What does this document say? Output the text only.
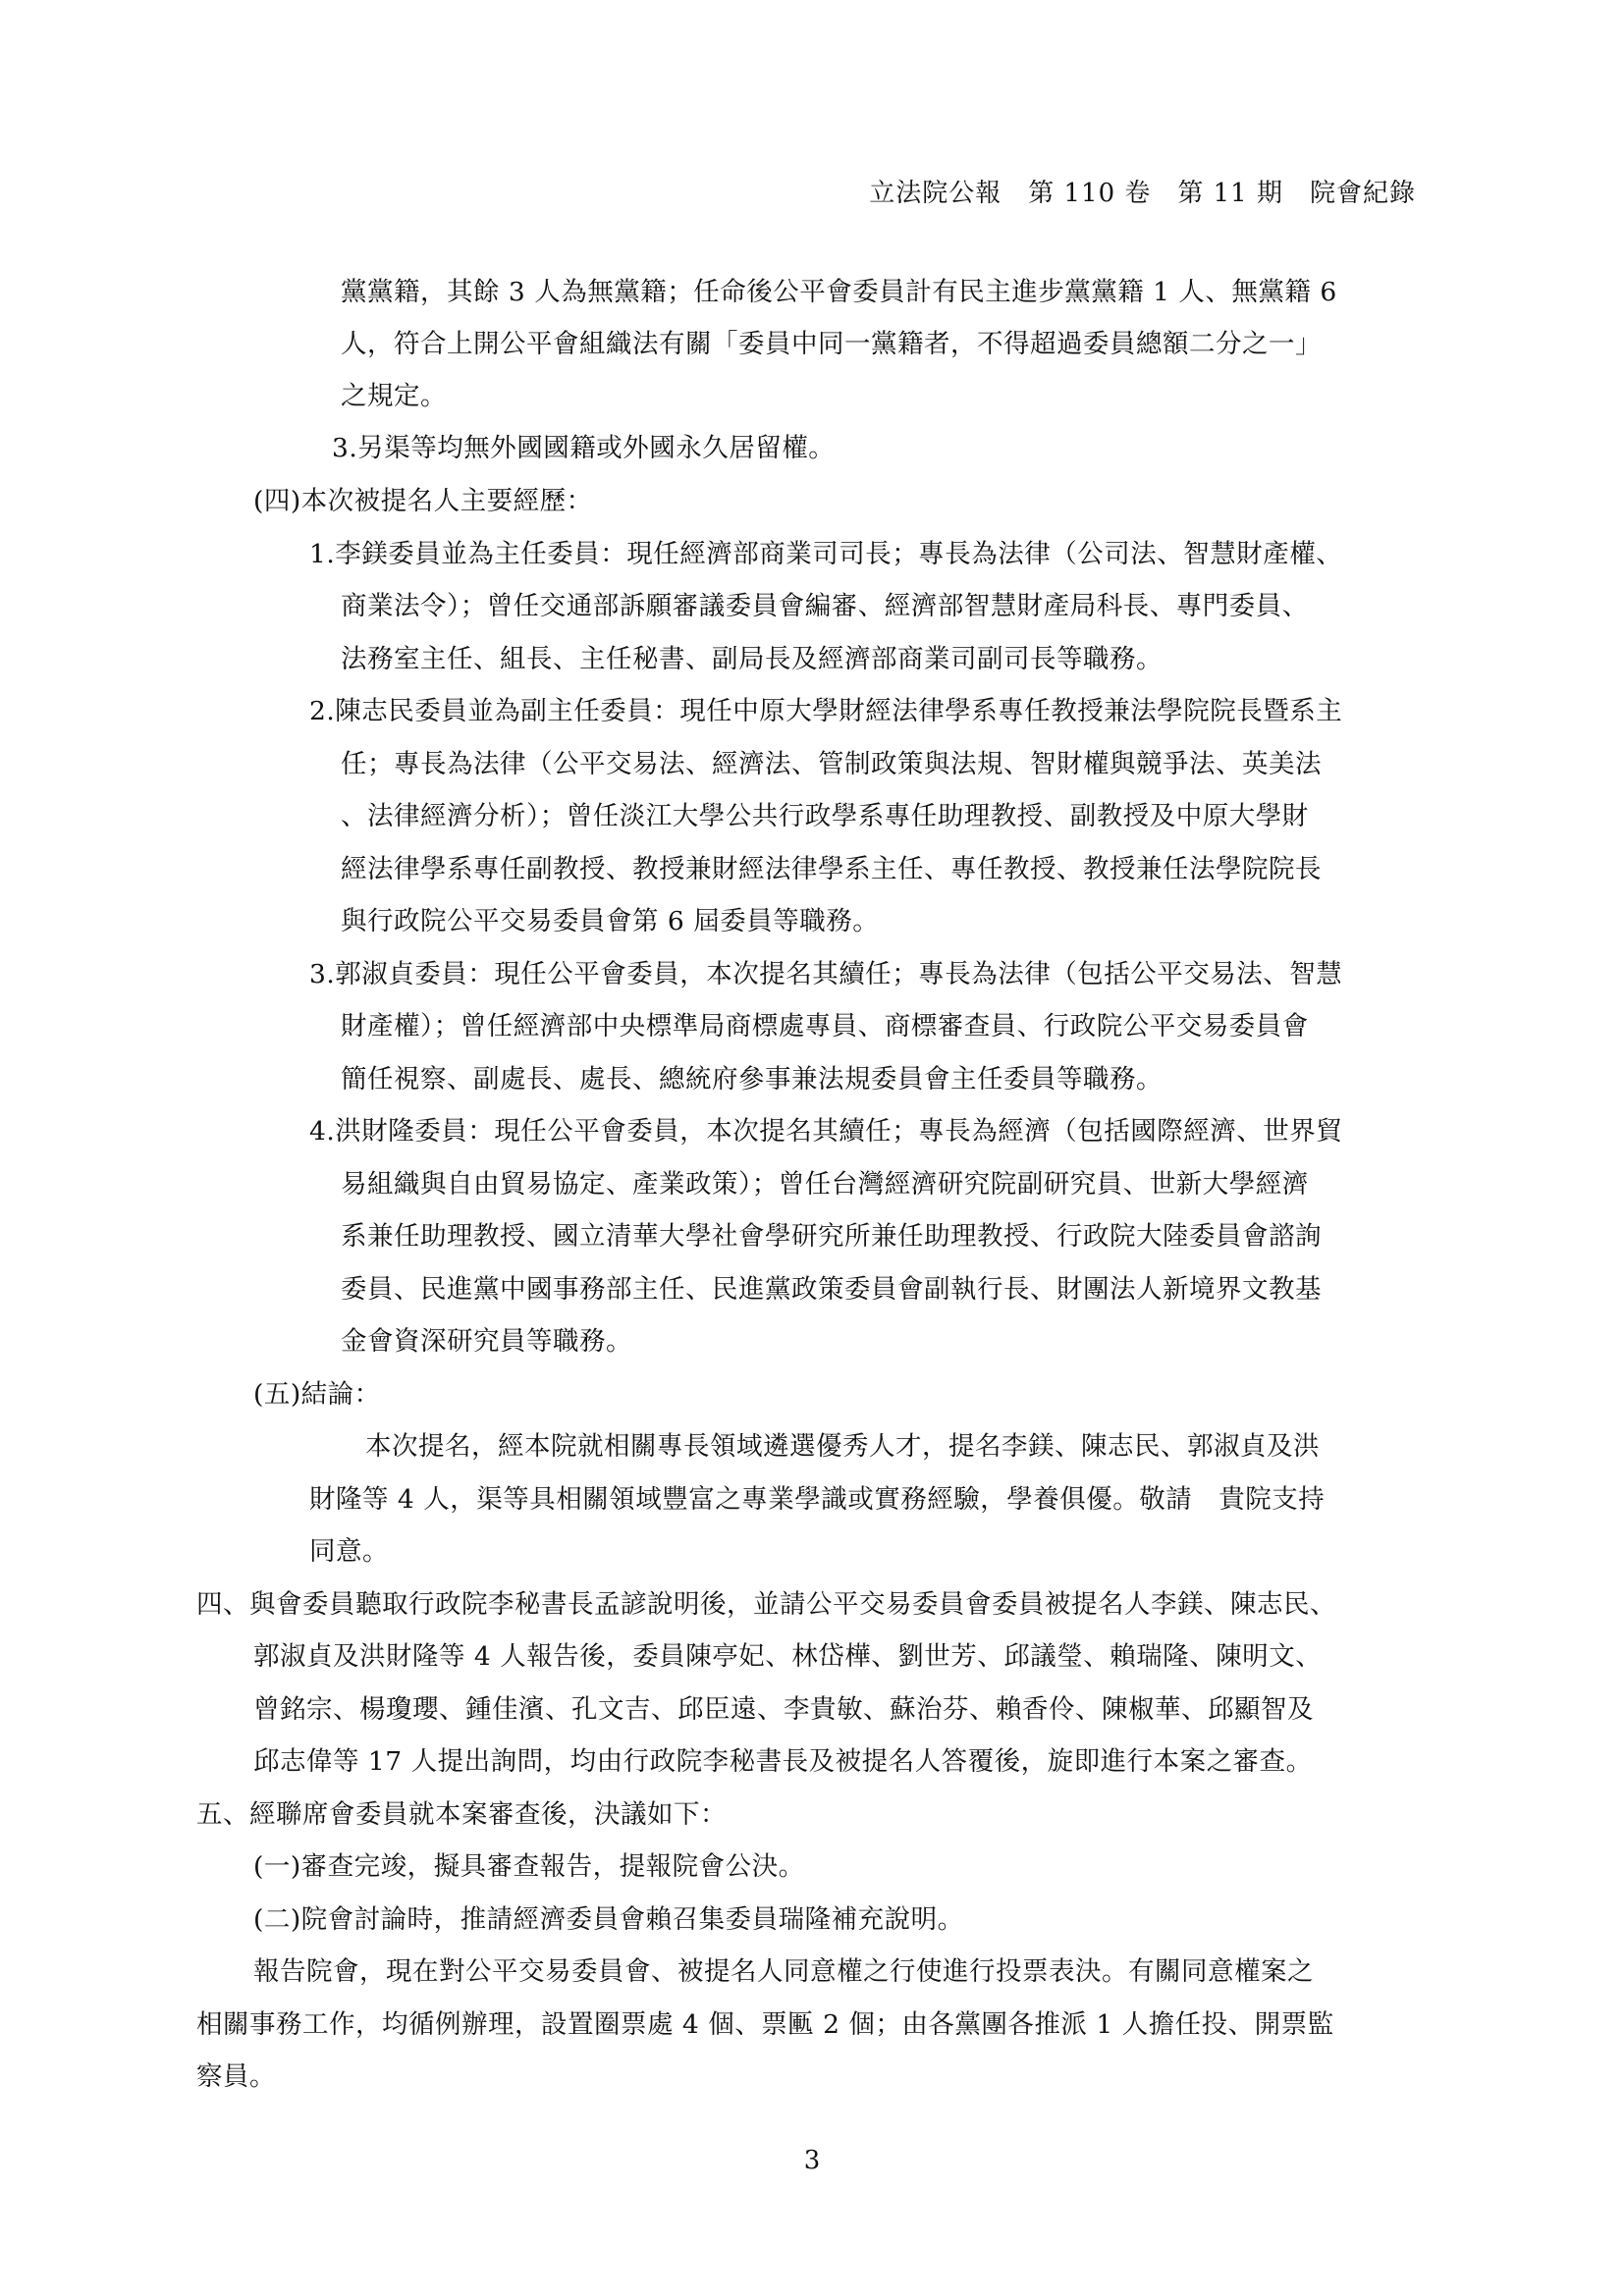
立法院公報　第 110 卷　第 11 期　院會紀錄
黨黨籍，其餘 3 人為無黨籍；任命後公平會委員計有民主進步黨黨籍 1 人、無黨籍 6
人，符合上開公平會組織法有關「委員中同一黨籍者，不得超過委員總額二分之一」
之規定。
3.另渠等均無外國國籍或外國永久居留權。
(四)本次被提名人主要經歷：
1.李鎂委員並為主任委員：現任經濟部商業司司長；專長為法律（公司法、智慧財產權、
商業法令）；曾任交通部訴願審議委員會編審、經濟部智慧財產局科長、專門委員、
法務室主任、組長、主任秘書、副局長及經濟部商業司副司長等職務。
2.陳志民委員並為副主任委員：現任中原大學財經法律學系專任教授兼法學院院長暨系主
任；專長為法律（公平交易法、經濟法、管制政策與法規、智財權與競爭法、英美法
、法律經濟分析）；曾任淡江大學公共行政學系專任助理教授、副教授及中原大學財
經法律學系專任副教授、教授兼財經法律學系主任、專任教授、教授兼任法學院院長
與行政院公平交易委員會第 6 屆委員等職務。
3.郭淑貞委員：現任公平會委員，本次提名其續任；專長為法律（包括公平交易法、智慧
財產權）；曾任經濟部中央標準局商標處專員、商標審查員、行政院公平交易委員會
簡任視察、副處長、處長、總統府參事兼法規委員會主任委員等職務。
4.洪財隆委員：現任公平會委員，本次提名其續任；專長為經濟（包括國際經濟、世界貿
易組織與自由貿易協定、產業政策）；曾任台灣經濟研究院副研究員、世新大學經濟
系兼任助理教授、國立清華大學社會學研究所兼任助理教授、行政院大陸委員會諮詢
委員、民進黨中國事務部主任、民進黨政策委員會副執行長、財團法人新境界文教基
金會資深研究員等職務。
(五)結論：
本次提名，經本院就相關專長領域遴選優秀人才，提名李鎂、陳志民、郭淑貞及洪
財隆等 4 人，渠等具相關領域豐富之專業學識或實務經驗，學養俱優。敬請　貴院支持
同意。
四、與會委員聽取行政院李秘書長孟諺說明後，並請公平交易委員會委員被提名人李鎂、陳志民、
郭淑貞及洪財隆等 4 人報告後，委員陳亭妃、林岱樺、劉世芳、邱議瑩、賴瑞隆、陳明文、
曾銘宗、楊瓊瓔、鍾佳濱、孔文吉、邱臣遠、李貴敏、蘇治芬、賴香伶、陳椒華、邱顯智及
邱志偉等 17 人提出詢問，均由行政院李秘書長及被提名人答覆後，旋即進行本案之審查。
五、經聯席會委員就本案審查後，決議如下：
(一)審查完竣，擬具審查報告，提報院會公決。
(二)院會討論時，推請經濟委員會賴召集委員瑞隆補充說明。
報告院會，現在對公平交易委員會、被提名人同意權之行使進行投票表決。有關同意權案之
相關事務工作，均循例辦理，設置圈票處 4 個、票匭 2 個；由各黨團各推派 1 人擔任投、開票監
察員。
3
